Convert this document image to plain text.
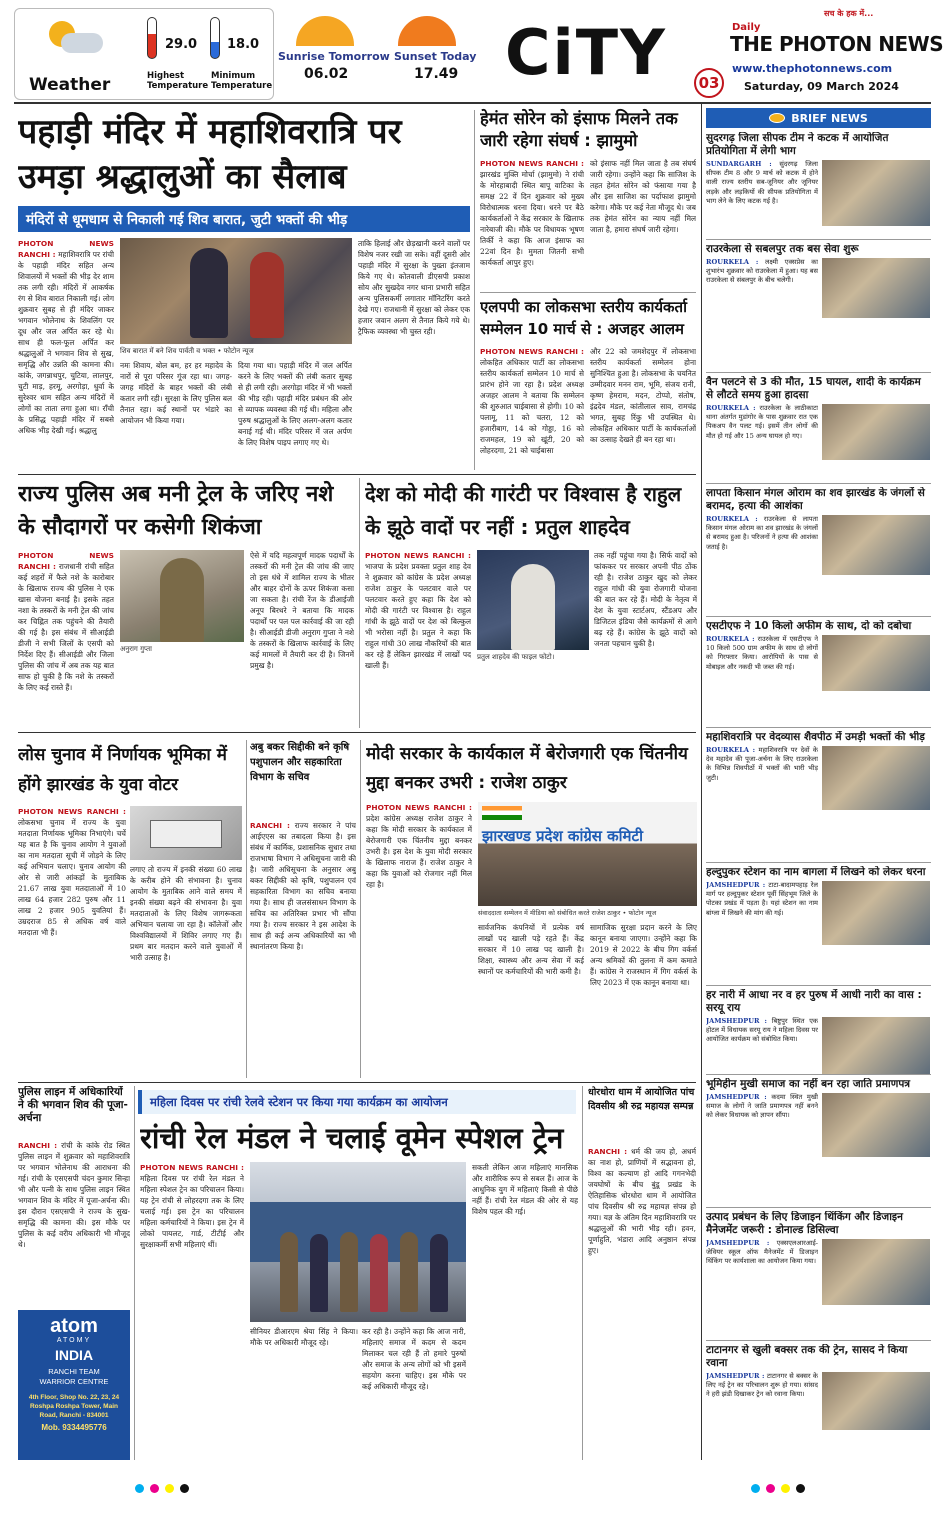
29.0
Highest Temperature
18.0
Minimum Temperature
Weather
Sunrise Tomorrow
06.02
Sunset Today
17.49 CiTY	03
सच के हक में...
Daily
THE PHOTON NEWS
www.thephotonnews.com
Saturday, 09 March 2024
पहाड़ी मंदिर में महाशिवरात्रि पर उमड़ा श्रद्धालुओं का सैलाब
मंदिरों से धूमधाम से निकाली गई शिव बारात, जुटी भक्तों की भीड़
PHOTON NEWS RANCHI : महाशिवरात्रि पर रांची के पहाड़ी मंदिर सहित अन्य शिवालयों में भक्तों की भीड़ देर शाम तक लगी रही। मंदिरों में आकर्षक रंग से शिव बारात निकाली गई। लोग शुक्रवार सुबह से ही मंदिर जाकर भगवान भोलेनाथ के शिवलिंग पर दूध और जल अर्पित कर रहे थे। साथ ही फल-फूल अर्पित कर श्रद्धालुओं ने भगवान शिव से सुख, समृद्धि और उन्नति की कामना की। कांके, जगन्नाथपुर, चुटिया, लालपुर, चुटी माड़, हरमू, अरगोड़ा, धुर्वा के सुरेश्वर धाम सहित अन्य मंदिरों में लोगों का ताता लगा हुआ था। राँची के प्रसिद्ध पहाड़ी मंदिर में सबसे अधिक भीड़ देखी गई। श्रद्धालु
शिव बारात में बने शिव पार्वती व भक्त • फोटोन न्यूज
नमः शिवाय, बोल बम, हर हर महादेव के नारों से पूरा परिसर गूंज रहा था। जगह-जगह मंदिरों के बाहर भक्तों की लंबी कतार लगी रही। सुरक्षा के लिए पुलिस बल तैनात रहा। कई स्थानों पर भंडारे का आयोजन भी किया गया।
दिया गया था। पहाड़ी मंदिर में जल अर्पित करने के लिए भक्तों की लंबी कतार सुबह से ही लगी रही। अरगोड़ा मंदिर में भी भक्तों की भीड़ रही। पहाड़ी मंदिर प्रबंधन की ओर से व्यापक व्यवस्था की गई थी। महिला और पुरुष श्रद्धालुओं के लिए अलग-अलग कतार बनाई गई थी। मंदिर परिसर में जल अर्पण के लिए विशेष पाइप लगाए गए थे।
ताकि हिलाई और छेड़खानी करने वालों पर विशेष नजर रखी जा सके। वहीं दूसरी ओर पहाड़ी मंदिर में सुरक्षा के पुख्ता इंतजाम किये गए थे। कोतवाली डीएसपी प्रकाश सोय और सुखदेव नगर थाना प्रभारी सहित अन्य पुलिसकर्मी लगातार मॉनिटरिंग करते देखे गए। राजधानी में सुरक्षा को लेकर एक हजार जवान अलग से तैनात किये गये थे। ट्रैफिक व्यवस्था भी चुस्त रही।
हेमंत सोरेन को इंसाफ मिलने तक जारी रहेगा संघर्ष : झामुमो
PHOTON NEWS RANCHI : झारखंड मुक्ति मोर्चा (झामुमो) ने रांची के मोरहाबादी स्थित बापू वाटिका के समक्ष 22 वें दिन शुक्रवार को मुख्य विरोधात्मक धरना दिया। धरने पर बैठे कार्यकर्ताओं ने केंद्र सरकार के खिलाफ नारेबाजी की। मौके पर विधायक भूषण तिर्की ने कहा कि आज इंसाफ का 22वां दिन है। मुमता जितनी सभी कार्यकर्ता आपुर हुए।
को इंसाफ नहीं मिल जाता है तब संघर्ष जारी रहेगा। उन्होंने कहा कि साजिश के तहत हेमंत सोरेन को फंसाया गया है और इस साजिश का पर्दाफाश झामुमो करेगा। मौके पर कई नेता मौजूद थे। जब तक हेमंत सोरेन का न्याय नहीं मिल जाता है, हमारा संघर्ष जारी रहेगा।
एलपपी का लोकसभा स्तरीय कार्यकर्ता सम्मेलन 10 मार्च से : अजहर आलम
PHOTON NEWS RANCHI : लोकहित अधिकार पार्टी का लोकसभा स्तरीय कार्यकर्ता सम्मेलन 10 मार्च से प्रारंभ होने जा रहा है। प्रदेश अध्यक्ष अजहर आलम ने बताया कि सम्मेलन की शुरुआत चाईबासा से होगी। 10 को पलामू, 11 को चतरा, 12 को हजारीबाग, 14 को गोड्डा, 16 को राजमहल, 19 को खूंटी, 20 को लोहरदगा, 21 को चाईबासा
और 22 को जमशेदपुर में लोकसभा स्तरीय कार्यकर्ता सम्मेलन होना सुनिश्चित हुआ है। लोकसभा के चयनित उम्मीदवार मनन राम, भूमि, संजय रानी, कृष्ण हेमराम, मदन, टोप्पो, संतोष, इंद्रदेव मंडल, कांतीलाल साव, रामचंद्र भगत, सुबह रिंकु भी उपस्थित थे। लोकहित अधिकार पार्टी के कार्यकर्ताओं का उत्साह देखते ही बन रहा था।
राज्य पुलिस अब मनी ट्रेल के जरिए नशे के सौदागरों पर कसेगी शिकंजा
PHOTON NEWS RANCHI : राजधानी रांची सहित कई शहरों में फैले नशे के कारोबार के खिलाफ राज्य की पुलिस ने एक खास योजना बनाई है। इसके तहत नशा के तस्करों के मनी ट्रेल की जांच कर चिह्नित तक पहुंचने की तैयारी की गई है। इस संबंध में सीआईडी डीजी ने सभी जिलों के एसपी को निर्देश दिए हैं। सीआईडी और जिला पुलिस की जांच में अब तक यह बात साफ हो चुकी है कि नशे के तस्करों के लिए कई रास्ते हैं।
अनुराग गुप्ता
ऐसे में यदि महत्वपूर्ण मादक पदार्थों के तस्करों की मनी ट्रेल की जांच की जाए तो इस धंधे में शामिल राज्य के भीतर और बाहर दोनों के ऊपर शिकंजा कसा जा सकता है। रांची रेंज के डीआईजी अनूप बिरथरे ने बताया कि मादक पदार्थों पर पल पल कार्रवाई की जा रही है। सीआईडी डीजी अनुराग गुप्ता ने नशे के तस्करों के खिलाफ कार्रवाई के लिए कई मामलों में तैयारी कर दी है। जिनमें प्रमुख है।
देश को मोदी की गारंटी पर विश्वास है राहुल के झूठे वादों पर नहीं : प्रतुल शाहदेव
PHOTON NEWS RANCHI : भाजपा के प्रदेश प्रवक्ता प्रतुल शाह देव ने शुक्रवार को कांग्रेस के प्रदेश अध्यक्ष राजेश ठाकुर के पलटवार वाले पर पलटवार करते हुए कहा कि देश को मोदी की गारंटी पर विश्वास है। राहुल गांधी के झूठे वादों पर देश को बिल्कुल भी भरोसा नहीं है। प्रतुल ने कहा कि राहुल गांधी 30 लाख नौकरियों की बात कर रहे हैं लेकिन झारखंड में लाखों पद खाली हैं।
प्रतुल शाहदेव की फाइल फोटो।
तक नहीं पहुंचा गया है। सिर्फ वादों को फांककर पर सरकार अपनी पीठ ठोंक रही है। राजेश ठाकुर खुद को लेकर राहुल गांधी की युवा रोजगारी योजना की बात कर रहे हैं। मोदी के नेतृत्व में देश के युवा स्टार्टअप, स्टैंडअप और डिजिटल इंडिया जैसे कार्यक्रमों से आगे बढ़ रहे हैं। कांग्रेस के झूठे वादों को जनता पहचान चुकी है।
लोस चुनाव में निर्णायक भूमिका में होंगे झारखंड के युवा वोटर
PHOTON NEWS RANCHI : लोकसभा चुनाव में राज्य के युवा मतदाता निर्णायक भूमिका निभाएंगे। चर्चे यह बात है कि चुनाव आयोग ने युवाओं का नाम मतदाता सूची में जोड़ने के लिए कई अभियान चलाए। चुनाव आयोग की ओर से जारी आंकड़ों के मुताबिक 21.67 लाख युवा मतदाताओं में 10 लाख 64 हजार 282 पुरुष और 11 लाख 2 हजार 905 युवतियां हैं। उम्रदराज 85 से अधिक वर्ष वाले मतदाता भी हैं।
लगाए तो राज्य में इनकी संख्या 60 लाख के करीब होने की संभावना है। चुनाव आयोग के मुताबिक आने वाले समय में इनकी संख्या बढ़ने की संभावना है। युवा मतदाताओं के लिए विशेष जागरूकता अभियान चलाया जा रहा है। कॉलेजों और विश्वविद्यालयों में शिविर लगाए गए हैं। प्रथम बार मतदान करने वाले युवाओं में भारी उत्साह है।
अबु बकर सिद्दीकी बने कृषि पशुपालन और सहकारिता विभाग के सचिव
RANCHI : राज्य सरकार ने पांच आईएएस का तबादला किया है। इस संबंध में कार्मिक, प्रशासनिक सुधार तथा राजभाषा विभाग ने अधिसूचना जारी की है। जारी अधिसूचना के अनुसार अबु बकर सिद्दीकी को कृषि, पशुपालन एवं सहकारिता विभाग का सचिव बनाया गया है। साथ ही जलसंसाधन विभाग के सचिव का अतिरिक्त प्रभार भी सौंपा गया है। राज्य सरकार ने इस आदेश के साथ ही कई अन्य अधिकारियों का भी स्थानांतरण किया है।
मोदी सरकार के कार्यकाल में बेरोजगारी एक चिंतनीय मुद्दा बनकर उभरी : राजेश ठाकुर
PHOTON NEWS RANCHI : प्रदेश कांग्रेस अध्यक्ष राजेश ठाकुर ने कहा कि मोदी सरकार के कार्यकाल में बेरोजगारी एक चिंतनीय मुद्दा बनकर उभरी है। इस देश के युवा मोदी सरकार के खिलाफ नाराज हैं। राजेश ठाकुर ने कहा कि युवाओं को रोजगार नहीं मिल रहा है।
झारखण्ड प्रदेश कांग्रेस कमिटी
संवाददाता सम्मेलन में मीडिया को संबोधित करते राजेश ठाकुर • फोटोन न्यूज
सार्वजनिक कंपनियों में प्रत्येक वर्ष लाखों पद खाली पड़े रहते हैं। केंद्र सरकार में 10 लाख पद खाली है। शिक्षा, स्वास्थ्य और अन्य सेवा में कई स्थानों पर कर्मचारियों की भारी कमी है।
सामाजिक सुरक्षा प्रदान करने के लिए कानून बनाया जाएगा। उन्होंने कहा कि 2019 से 2022 के बीच गिग वर्कर्स अन्य श्रमिकों की तुलना में कम कमाते हैं। कांग्रेस ने राजस्थान में गिग वर्कर्स के लिए 2023 में एक कानून बनाया था।
पुलिस लाइन में अधिकारियों ने की भगवान शिव की पूजा-अर्चना
RANCHI : रांची के कांके रोड स्थित पुलिस लाइन में शुक्रवार को महाशिवरात्रि पर भगवान भोलेनाथ की आराधना की गई। रांची के एसएसपी चंदन कुमार सिन्हा भी और पत्नी के साथ पुलिस लाइन स्थित भगवान शिव के मंदिर में पूजा-अर्चना की। इस दौरान एसएसपी ने राज्य के सुख-समृद्धि की कामना की। इस मौके पर पुलिस के कई वरीय अधिकारी भी मौजूद थे।
atom
ATOMY
INDIA
RANCHI TEAM
WARRIOR CENTRE
4th Floor, Shop No. 22, 23, 24 Roshpa Roshpa Tower, Main Road, Ranchi - 834001
Mob. 9334495776
महिला दिवस पर रांची रेलवे स्टेशन पर किया गया कार्यक्रम का आयोजन
रांची रेल मंडल ने चलाई वूमेन स्पेशल ट्रेन
PHOTON NEWS RANCHI : महिला दिवस पर रांची रेल मंडल ने महिला स्पेशल ट्रेन का परिचालन किया। यह ट्रेन रांची से लोहरदगा तक के लिए चलाई गई। इस ट्रेन का परिचालन महिला कर्मचारियों ने किया। इस ट्रेन में लोको पायलट, गार्ड, टीटीई और सुरक्षाकर्मी सभी महिलाएं थीं।
सीनियर डीआरएम श्रेया सिंह ने किया। मौके पर अधिकारी मौजूद रहे।
कर रही है। उन्होंने कहा कि आज नारी, महिलाएं समाज में कदम से कदम मिलाकर चल रही हैं तो हमारे पुरुषों और समाज के अन्य लोगों को भी इसमें सहयोग करना चाहिए। इस मौके पर कई अधिकारी मौजूद रहे।
सकती लेकिन आज महिलाएं मानसिक और शारीरिक रूप से सबल हैं। आज के आधुनिक युग में महिलाएं किसी से पीछे नहीं हैं। रांची रेल मंडल की ओर से यह विशेष पहल की गई।
धोरधोरा धाम में आयोजित पांच दिवसीय श्री रुद्र महायज्ञ सम्पन्न
RANCHI : धर्म की जय हो, अधर्म का नाश हो, प्राणियों में सद्भावना हो, विश्व का कल्याण हो आदि गगनभेदी जयघोषों के बीच बुंडू प्रखंड के ऐतिहासिक धोरधोरा धाम में आयोजित पांच दिवसीय श्री रुद्र महायज्ञ संपन्न हो गया। यज्ञ के अंतिम दिन महाशिवरात्रि पर श्रद्धालुओं की भारी भीड़ रही। हवन, पूर्णाहुति, भंडारा आदि अनुष्ठान संपन्न हुए।
BRIEF NEWS
सुदरगढ़ जिला सीपक टीम ने कटक में आयोजित प्रतियोगिता में लेगी भाग
SUNDARGARH : सुंदरगढ़ जिला सीपक टीम 8 और 9 मार्च को कटक में होने वाली राज्य स्तरीय सब-जूनियर और जूनियर लड़के और लड़कियों की सीपक प्रतियोगिता में भाग लेने के लिए कटक गई है।
राउरकेला से सबलपुर तक बस सेवा शुरू
ROURKELA : लक्ष्मी एक्सप्रेस का शुभारंभ शुक्रवार को राउरकेला में हुआ। यह बस राउरकेला से संबलपुर के बीच चलेगी।
वैन पलटने से 3 की मौत, 15 घायल, शादी के कार्यक्रम से लौटते समय हुआ हादसा
ROURKELA : राउरकेला के लाठीकाटा थाना अंतर्गत मुडांगोर के पास शुक्रवार रात एक पिकअप वैन पलट गई। इसमें तीन लोगों की मौत हो गई और 15 अन्य घायल हो गए।
लापता किसान मंगल ओराम का शव झारखंड के जंगलों से बरामद, हत्या की आशंका
ROURKELA : राउरकेला से लापता किसान मंगल ओराम का शव झारखंड के जंगलों से बरामद हुआ है। परिजनों ने हत्या की आशंका जताई है।
एसटीएफ ने 10 किलो अफीम के साथ, दो को दबोचा
ROURKELA : राउरकेला में एसटीएफ ने 10 किलो 500 ग्राम अफीम के साथ दो लोगों को गिरफ्तार किया। आरोपियों के पास से मोबाइल और नकदी भी जब्त की गई।
महाशिवरात्रि पर वेदव्यास शैवपीठ में उमड़ी भक्तों की भीड़
ROURKELA : महाशिवरात्रि पर देवों के देव महादेव की पूजा-अर्चना के लिए राउरकेला के विभिन्न शिवपीठों में भक्तों की भारी भीड़ जुटी।
हल्दुपुकर स्टेशन का नाम बागला में लिखने को लेकर धरना
JAMSHEDPUR : टाटा-बादामपहाड़ रेल मार्ग पर हल्दुपुकर स्टेशन पूर्वी सिंहभूम जिले के पोटका प्रखंड में पड़ता है। यहां स्टेशन का नाम बांग्ला में लिखने की मांग की गई।
हर नारी में आधा नर व हर पुरुष में आधी नारी का वास : सरयू राय
JAMSHEDPUR : बिष्टुपुर स्थित एक होटल में विधायक सरयू राय ने महिला दिवस पर आयोजित कार्यक्रम को संबोधित किया।
भूमिहीन मुखी समाज का नहीं बन रहा जाति प्रमाणपत्र
JAMSHEDPUR : कदमा स्थित मुखी समाज के लोगों ने जाति प्रमाणपत्र नहीं बनने को लेकर विधायक को ज्ञापन सौंपा।
उत्पाद प्रबंधन के लिए डिजाइन थिंकिंग और डिजाइन मैनेजमेंट जरूरी : डोनाल्ड डिसिल्वा
JAMSHEDPUR : एक्सएलआरआई-जेवियर स्कूल ऑफ मैनेजमेंट में डिजाइन थिंकिंग पर कार्यशाला का आयोजन किया गया।
टाटानगर से खुली बक्सर तक की ट्रेन, सासद ने किया रवाना
JAMSHEDPUR : टाटानगर से बक्सर के लिए नई ट्रेन का परिचालन शुरू हो गया। सांसद ने हरी झंडी दिखाकर ट्रेन को रवाना किया।
